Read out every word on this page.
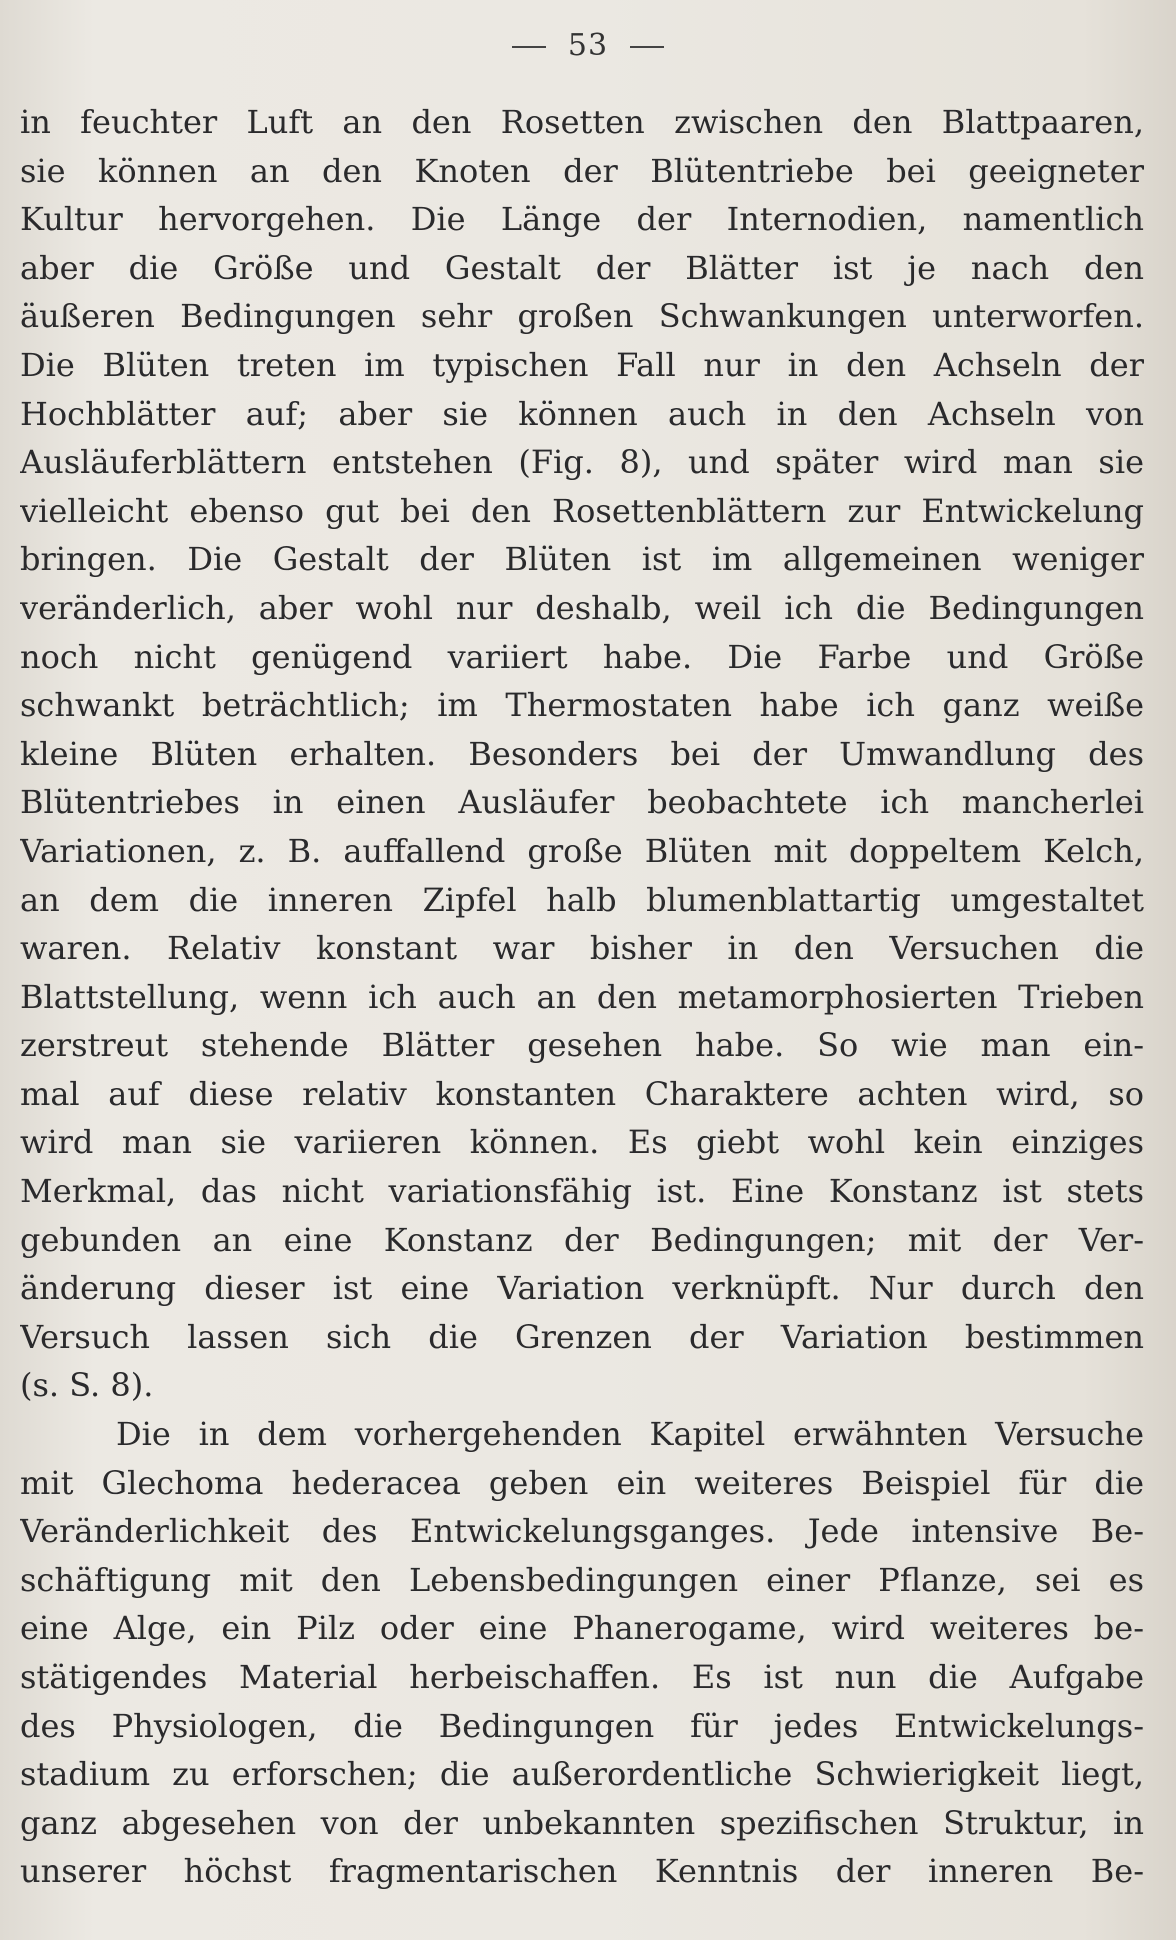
53
in feuchter Luft an den Rosetten zwischen den Blattpaaren,
sie können an den Knoten der Blütentriebe bei geeigneter
Kultur hervorgehen. Die Länge der Internodien, namentlich
aber die Größe und Gestalt der Blätter ist je nach den
äußeren Bedingungen sehr großen Schwankungen unterworfen.
Die Blüten treten im typischen Fall nur in den Achseln der
Hochblätter auf; aber sie können auch in den Achseln von
Ausläuferblättern entstehen (Fig. 8), und später wird man sie
vielleicht ebenso gut bei den Rosettenblättern zur Entwickelung
bringen. Die Gestalt der Blüten ist im allgemeinen weniger
veränderlich, aber wohl nur deshalb, weil ich die Bedingungen
noch nicht genügend variiert habe. Die Farbe und Größe
schwankt beträchtlich; im Thermostaten habe ich ganz weiße
kleine Blüten erhalten. Besonders bei der Umwandlung des
Blütentriebes in einen Ausläufer beobachtete ich mancherlei
Variationen, z. B. auffallend große Blüten mit doppeltem Kelch,
an dem die inneren Zipfel halb blumenblattartig umgestaltet
waren. Relativ konstant war bisher in den Versuchen die
Blattstellung, wenn ich auch an den metamorphosierten Trieben
zerstreut stehende Blätter gesehen habe. So wie man ein-
mal auf diese relativ konstanten Charaktere achten wird, so
wird man sie variieren können. Es giebt wohl kein einziges
Merkmal, das nicht variationsfähig ist. Eine Konstanz ist stets
gebunden an eine Konstanz der Bedingungen; mit der Ver-
änderung dieser ist eine Variation verknüpft. Nur durch den
Versuch lassen sich die Grenzen der Variation bestimmen
(s. S. 8).
Die in dem vorhergehenden Kapitel erwähnten Versuche
mit Glechoma hederacea geben ein weiteres Beispiel für die
Veränderlichkeit des Entwickelungsganges. Jede intensive Be-
schäftigung mit den Lebensbedingungen einer Pflanze, sei es
eine Alge, ein Pilz oder eine Phanerogame, wird weiteres be-
stätigendes Material herbeischaffen. Es ist nun die Aufgabe
des Physiologen, die Bedingungen für jedes Entwickelungs-
stadium zu erforschen; die außerordentliche Schwierigkeit liegt,
ganz abgesehen von der unbekannten spezifischen Struktur, in
unserer höchst fragmentarischen Kenntnis der inneren Be-
